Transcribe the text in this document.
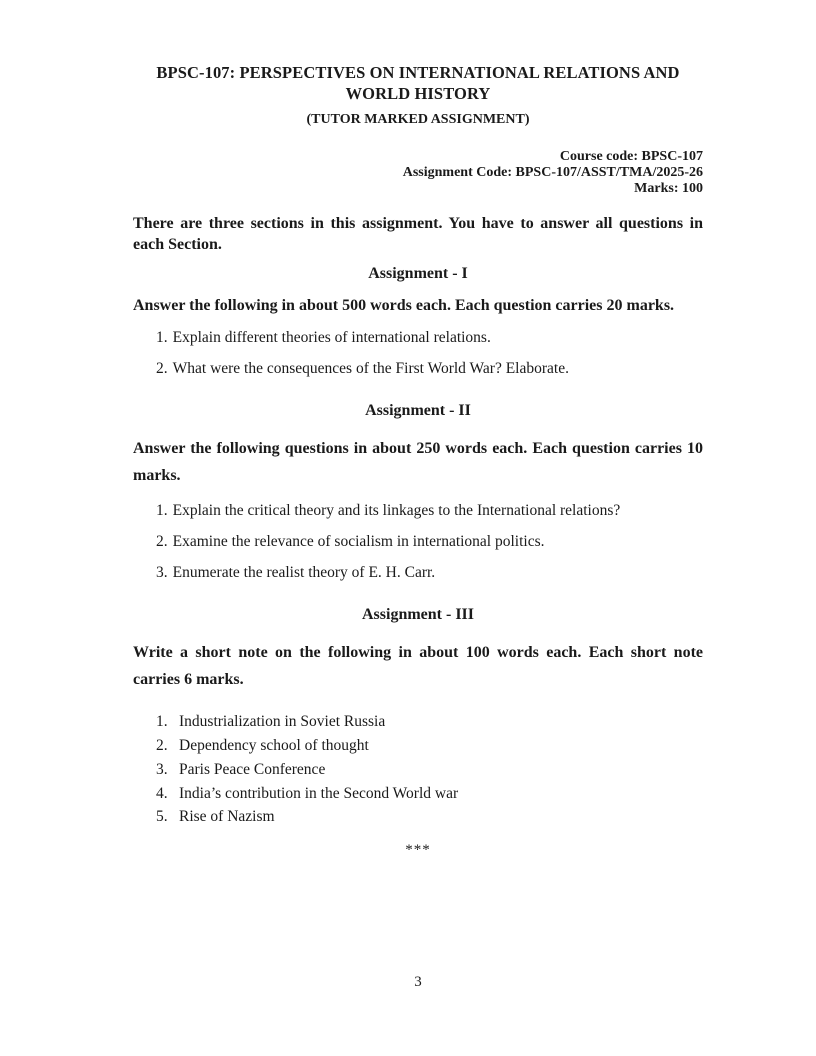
BPSC-107: PERSPECTIVES ON INTERNATIONAL RELATIONS AND WORLD HISTORY
(TUTOR MARKED ASSIGNMENT)
Course code: BPSC-107
Assignment Code: BPSC-107/ASST/TMA/2025-26
Marks: 100

There are three sections in this assignment. You have to answer all questions in each Section.

Assignment - I

Answer the following in about 500 words each. Each question carries 20 marks.

1. Explain different theories of international relations.
2. What were the consequences of the First World War? Elaborate.
Assignment - II

Answer the following questions in about 250 words each. Each question carries 10 marks.

1. Explain the critical theory and its linkages to the International relations?
2. Examine the relevance of socialism in international politics.
3. Enumerate the realist theory of E. H. Carr.
Assignment - III

Write a short note on the following in about 100 words each. Each short note carries 6 marks.

1. Industrialization in Soviet Russia
2. Dependency school of thought
3. Paris Peace Conference
4. India’s contribution in the Second World war
5. Rise of Nazism
***
3
